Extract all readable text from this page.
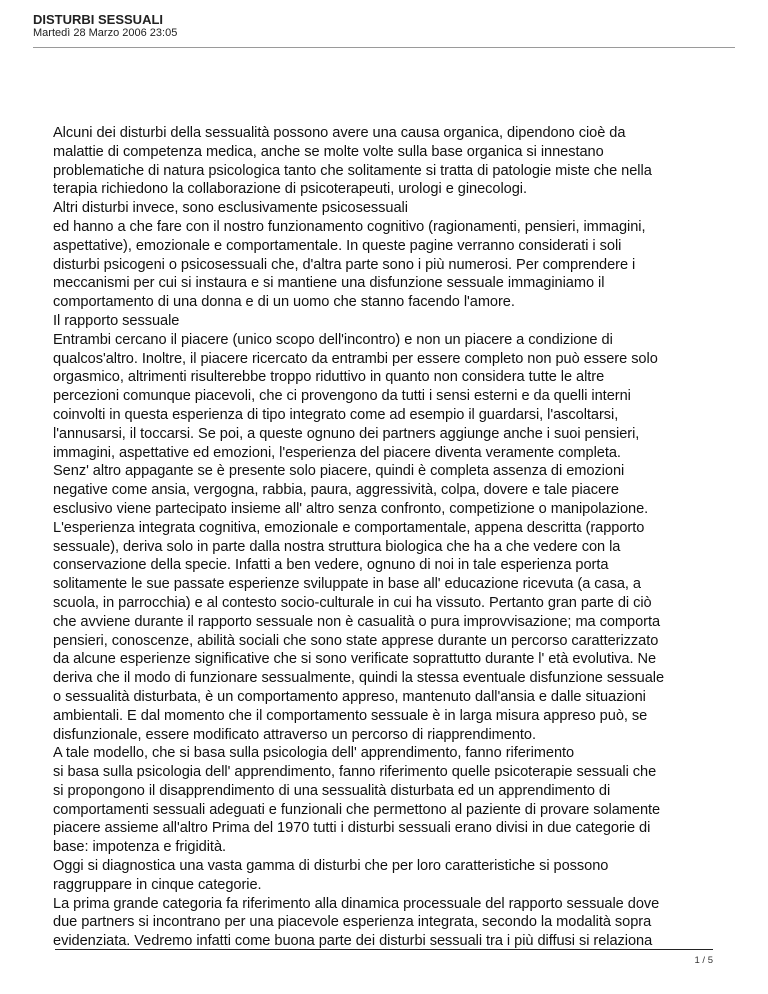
DISTURBI SESSUALI
Martedì 28 Marzo 2006 23:05
Alcuni dei disturbi della sessualità possono avere una causa organica, dipendono cioè da
malattie di competenza medica, anche se molte volte sulla base organica si innestano
problematiche di natura psicologica tanto che solitamente si tratta di patologie miste che nella
terapia richiedono la collaborazione di psicoterapeuti, urologi e ginecologi.
Altri disturbi invece, sono esclusivamente psicosessuali
ed hanno a che fare con il nostro funzionamento cognitivo (ragionamenti, pensieri, immagini,
aspettative), emozionale e comportamentale. In queste pagine verranno considerati i soli
disturbi psicogeni o psicosessuali che, d'altra parte sono i più numerosi. Per comprendere i
meccanismi per cui si instaura e si mantiene una disfunzione sessuale immaginiamo il
comportamento di una donna e di un uomo che stanno facendo l'amore.
Il rapporto sessuale
Entrambi cercano il piacere (unico scopo dell'incontro) e non un piacere a condizione di
qualcos'altro. Inoltre, il piacere ricercato da entrambi per essere completo non può essere solo
orgasmico, altrimenti risulterebbe troppo riduttivo in quanto non considera tutte le altre
percezioni comunque piacevoli, che ci provengono da tutti i sensi esterni e da quelli interni
coinvolti in questa esperienza di tipo integrato come ad esempio il guardarsi, l'ascoltarsi,
l'annusarsi, il toccarsi. Se poi, a queste ognuno dei partners aggiunge anche i suoi pensieri,
immagini, aspettative ed emozioni, l'esperienza del piacere diventa veramente completa.
Senz' altro appagante se è presente solo piacere, quindi è completa assenza di emozioni
negative come ansia, vergogna, rabbia, paura, aggressività, colpa, dovere e tale piacere
esclusivo viene partecipato insieme all' altro senza confronto, competizione o manipolazione.
L'esperienza integrata cognitiva, emozionale e comportamentale, appena descritta (rapporto
sessuale), deriva solo in parte dalla nostra struttura biologica che ha a che vedere con la
conservazione della specie. Infatti a ben vedere, ognuno di noi in tale esperienza porta
solitamente le sue passate esperienze sviluppate in base all' educazione ricevuta (a casa, a
scuola, in parrocchia) e al contesto socio-culturale in cui ha vissuto. Pertanto gran parte di ciò
che avviene durante il rapporto sessuale non è casualità o pura improvvisazione; ma comporta
pensieri, conoscenze, abilità sociali che sono state apprese durante un percorso caratterizzato
da alcune esperienze significative che si sono verificate soprattutto durante l' età evolutiva. Ne
deriva che il modo di funzionare sessualmente, quindi la stessa eventuale disfunzione sessuale
o sessualità disturbata, è un comportamento appreso, mantenuto dall'ansia e dalle situazioni
ambientali. E dal momento che il comportamento sessuale è in larga misura appreso può, se
disfunzionale, essere modificato attraverso un percorso di riapprendimento.
A tale modello, che si basa sulla psicologia dell' apprendimento, fanno riferimento
si basa sulla psicologia dell' apprendimento, fanno riferimento quelle psicoterapie sessuali che
si propongono il disapprendimento di una sessualità disturbata ed un apprendimento di
comportamenti sessuali adeguati e funzionali che permettono al paziente di provare solamente
piacere assieme all'altro Prima del 1970 tutti i disturbi sessuali erano divisi in due categorie di
base: impotenza e frigidità.
Oggi si diagnostica una vasta gamma di disturbi che per loro caratteristiche si possono
raggruppare in cinque categorie.
La prima grande categoria fa riferimento alla dinamica processuale del rapporto sessuale dove
due partners si incontrano per una piacevole esperienza integrata, secondo la modalità sopra
evidenziata. Vedremo infatti come buona parte dei disturbi sessuali tra i più diffusi si relaziona
1 / 5
